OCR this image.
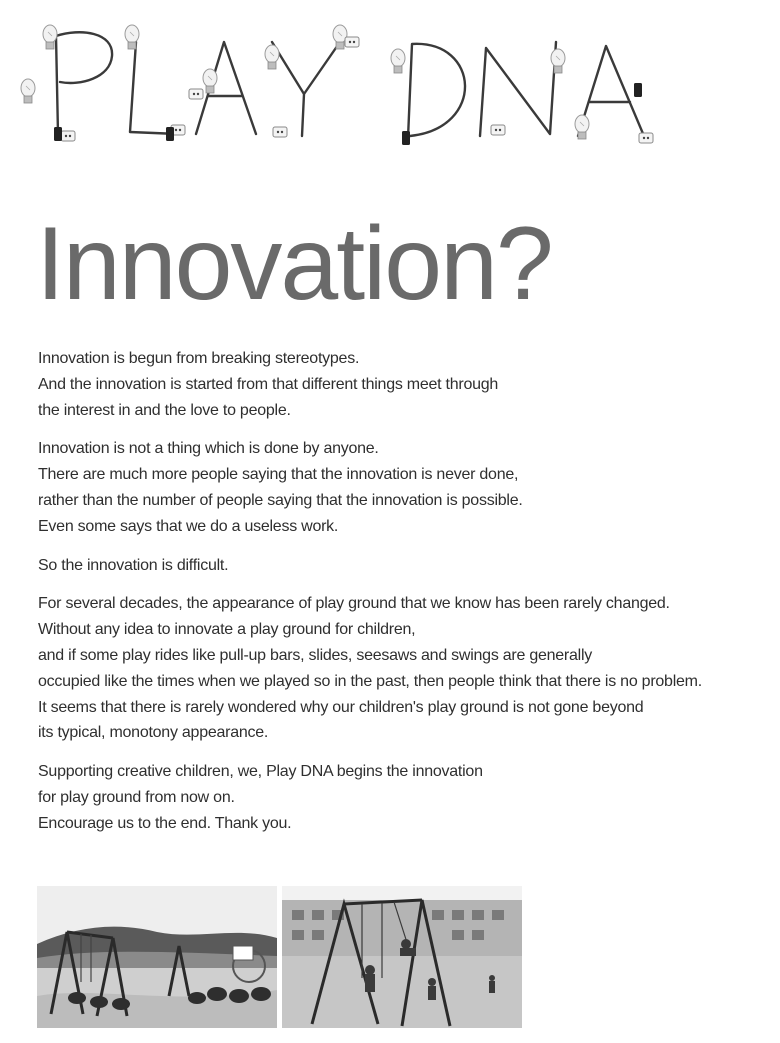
Innovation?

Innovation is begun from breaking stereotypes.
And the innovation is started from that different things meet through
the interest in and the love to people.

Innovation is not a thing which is done by anyone.
There are much more people saying that the innovation is never done,
rather than the number of people saying that the innovation is possible.
Even some says that we do a useless work.

So the innovation is difficult.

For several decades, the appearance of play ground that we know has been rarely changed.
Without any idea to innovate a play ground for children,
and if some play rides like pull-up bars, slides, seesaws and swings are generally
occupied like the times when we played so in the past, then people think that there is no problem.
It seems that there is rarely wondered why our children's play ground is not gone beyond
its typical, monotony appearance.

Supporting creative children, we, Play DNA begins the innovation
for play ground from now on.
Encourage us to the end. Thank you.
